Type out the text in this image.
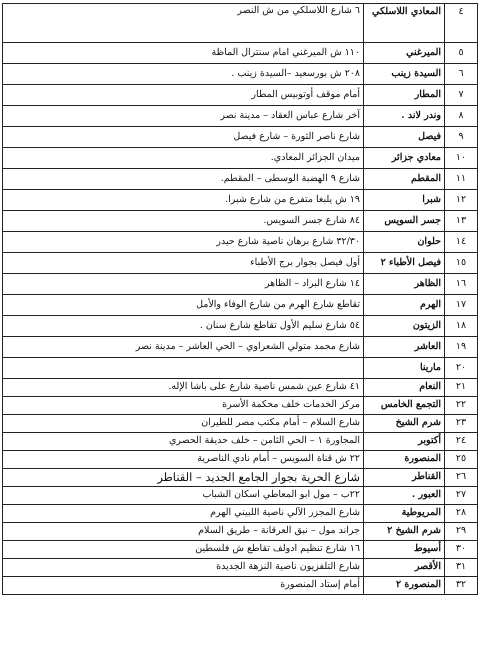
٤	المعادي اللاسلكي	٦ شارع اللاسلكي من ش النصر
٥	الميرغني	١١٠ ش الميرغني امام سنترال الماظة
٦	السيدة زينب	٢٠٨ ش بورسعيد –السيدة زينب .
٧	المطار	أمام موقف أوتوبيس المطار
٨	وندر لاند .	آخر شارع عباس العقاد – مدينة نصر
٩	فيصل	شارع ناصر الثورة – شارع فيصل
١٠	معادي جزائر	ميدان الجزائر المعادي.
١١	المقطم	شارع ٩ الهضبة الوسطى – المقطم.
١٢	شبرا	١٩ ش يلبغا متفرع من شارع شبرا.
١٣	جسر السويس	٨٤ شارع جسر السويس.
١٤	حلوان	٣٢/٣٠ شارع برهان ناصية شارع حيدر
١٥	فيصل الأطباء ٢	أول فيصل بجوار برج الأطباء
١٦	الظاهر	١٤ شارع البراد – الظاهر
١٧	الهرم	تقاطع شارع الهرم من شارع الوفاء والأمل
١٨	الزيتون	٥٤ شارع سليم الأول تقاطع شارع سنان .
١٩	العاشر	شارع محمد متولي الشعراوي – الحي العاشر – مدينة نصر
٢٠	مارينا	
٢١	النعام	٤١ شارع عين شمس ناصية شارع على باشا الإله.
٢٢	التجمع الخامس	مركز الخدمات خلف محكمة الأسرة
٢٣	شرم الشيخ	شارع السلام – أمام مكتب مصر للطيران
٢٤	أكتوبر	المجاورة ١ – الحي الثامن – خلف حديقة الحصري
٢٥	المنصورة	٢٢ ش قناة السويس – أمام نادي الناصرية
٢٦	القناطر	شارع الحرية بجوار الجامع الجديد – القناطر
٢٧	العبور .	٢٢ب – مول ابو المعاطي اسكان الشباب
٢٨	المريوطية	شارع المجزر الآلي ناصية اللبيني الهرم
٢٩	شرم الشيخ ٢	جراند مول – نبق العرقانة – طريق السلام
٣٠	أسيوط	١٦ شارع تنظيم ادولف تقاطع ش فلسطين
٣١	الأقصر	شارع التلفزيون ناصية النزهة الجديدة
٣٢	المنصورة ٢	أمام إستاد المنصورة
